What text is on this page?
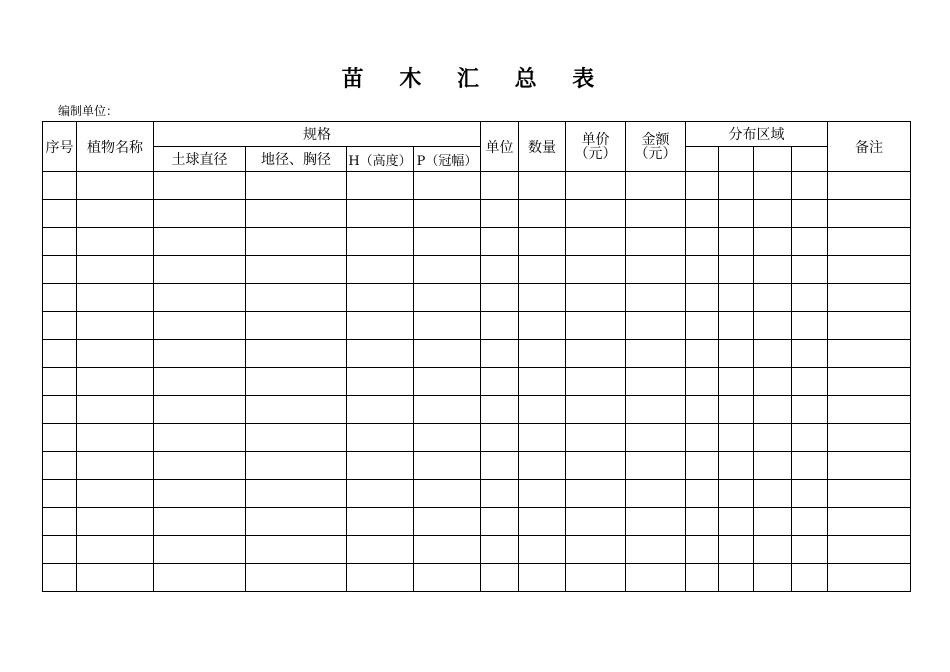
苗 木 汇 总 表
编制单位：
序号	植物名称	规格				单位	数量	单价（元）	金额（元）	分布区域				备注
		土球直径	地径、胸径	H（高度）	P（冠幅）									
